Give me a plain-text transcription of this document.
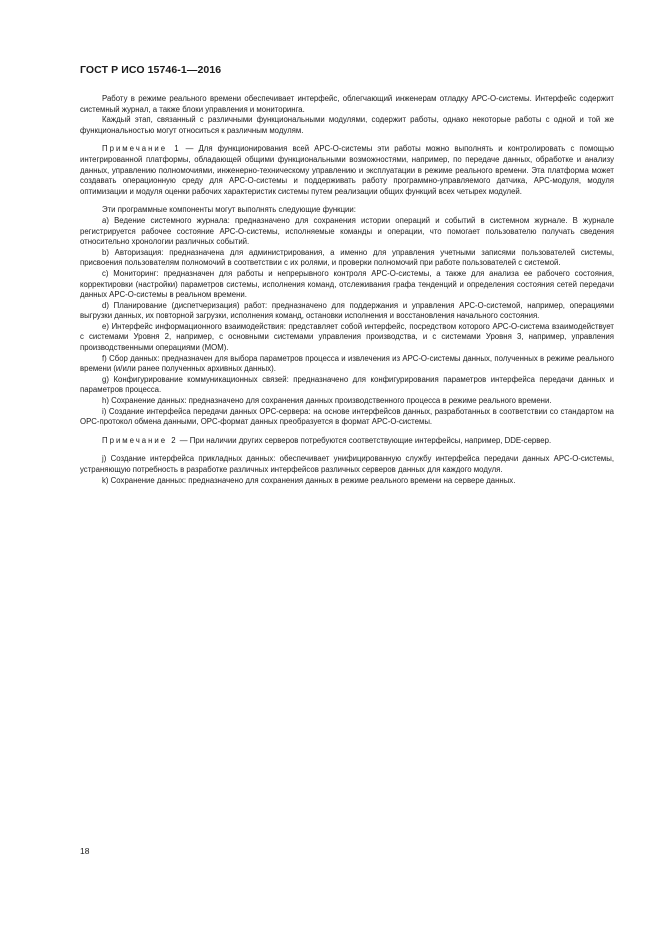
ГОСТ Р ИСО 15746-1—2016

Работу в режиме реального времени обеспечивает интерфейс, облегчающий инженерам отладку АРС-О-системы. Интерфейс содержит системный журнал, а также блоки управления и мониторинга.

Каждый этап, связанный с различными функциональными модулями, содержит работы, однако некоторые работы с одной и той же функциональностью могут относиться к различным модулям.

Примечание 1 — Для функционирования всей АРС-О-системы эти работы можно выполнять и контролировать с помощью интегрированной платформы, обладающей общими функциональными возможностями, например, по передаче данных, обработке и анализу данных, управлению полномочиями, инженерно-техническому управлению и эксплуатации в режиме реального времени. Эта платформа может создавать операционную среду для АРС-О-системы и поддерживать работу программно-управляемого датчика, АРС-модуля, модуля оптимизации и модуля оценки рабочих характеристик системы путем реализации общих функций всех четырех модулей.

Эти программные компоненты могут выполнять следующие функции:

a) Ведение системного журнала: предназначено для сохранения истории операций и событий в системном журнале. В журнале регистрируется рабочее состояние АРС-О-системы, исполняемые команды и операции, что помогает пользователю получать сведения относительно хронологии различных событий.

b) Авторизация: предназначена для администрирования, а именно для управления учетными записями пользователей системы, присвоения пользователям полномочий в соответствии с их ролями, и проверки полномочий при работе пользователей с системой.

c) Мониторинг: предназначен для работы и непрерывного контроля АРС-О-системы, а также для анализа ее рабочего состояния, корректировки (настройки) параметров системы, исполнения команд, отслеживания графа тенденций и определения состояния сетей передачи данных АРС-О-системы в реальном времени.

d) Планирование (диспетчеризация) работ: предназначено для поддержания и управления АРС-О-системой, например, операциями выгрузки данных, их повторной загрузки, исполнения команд, остановки исполнения и восстановления начального состояния.

e) Интерфейс информационного взаимодействия: представляет собой интерфейс, посредством которого АРС-О-система взаимодействует с системами Уровня 2, например, с основными системами управления производства, и с системами Уровня 3, например, управления производственными операциями (МОМ).

f) Сбор данных: предназначен для выбора параметров процесса и извлечения из АРС-О-системы данных, полученных в режиме реального времени (и/или ранее полученных архивных данных).

g) Конфигурирование коммуникационных связей: предназначено для конфигурирования параметров интерфейса передачи данных и параметров процесса.

h) Сохранение данных: предназначено для сохранения данных производственного процесса в режиме реального времени.

i) Создание интерфейса передачи данных OPC-сервера: на основе интерфейсов данных, разработанных в соответствии со стандартом на OPC-протокол обмена данными, OPC-формат данных преобразуется в формат АРС-О-системы.

Примечание 2 — При наличии других серверов потребуются соответствующие интерфейсы, например, DDE-сервер.

j) Создание интерфейса прикладных данных: обеспечивает унифицированную службу интерфейса передачи данных АРС-О-системы, устраняющую потребность в разработке различных интерфейсов различных серверов данных для каждого модуля.

k) Сохранение данных: предназначено для сохранения данных в режиме реального времени на сервере данных.

18
